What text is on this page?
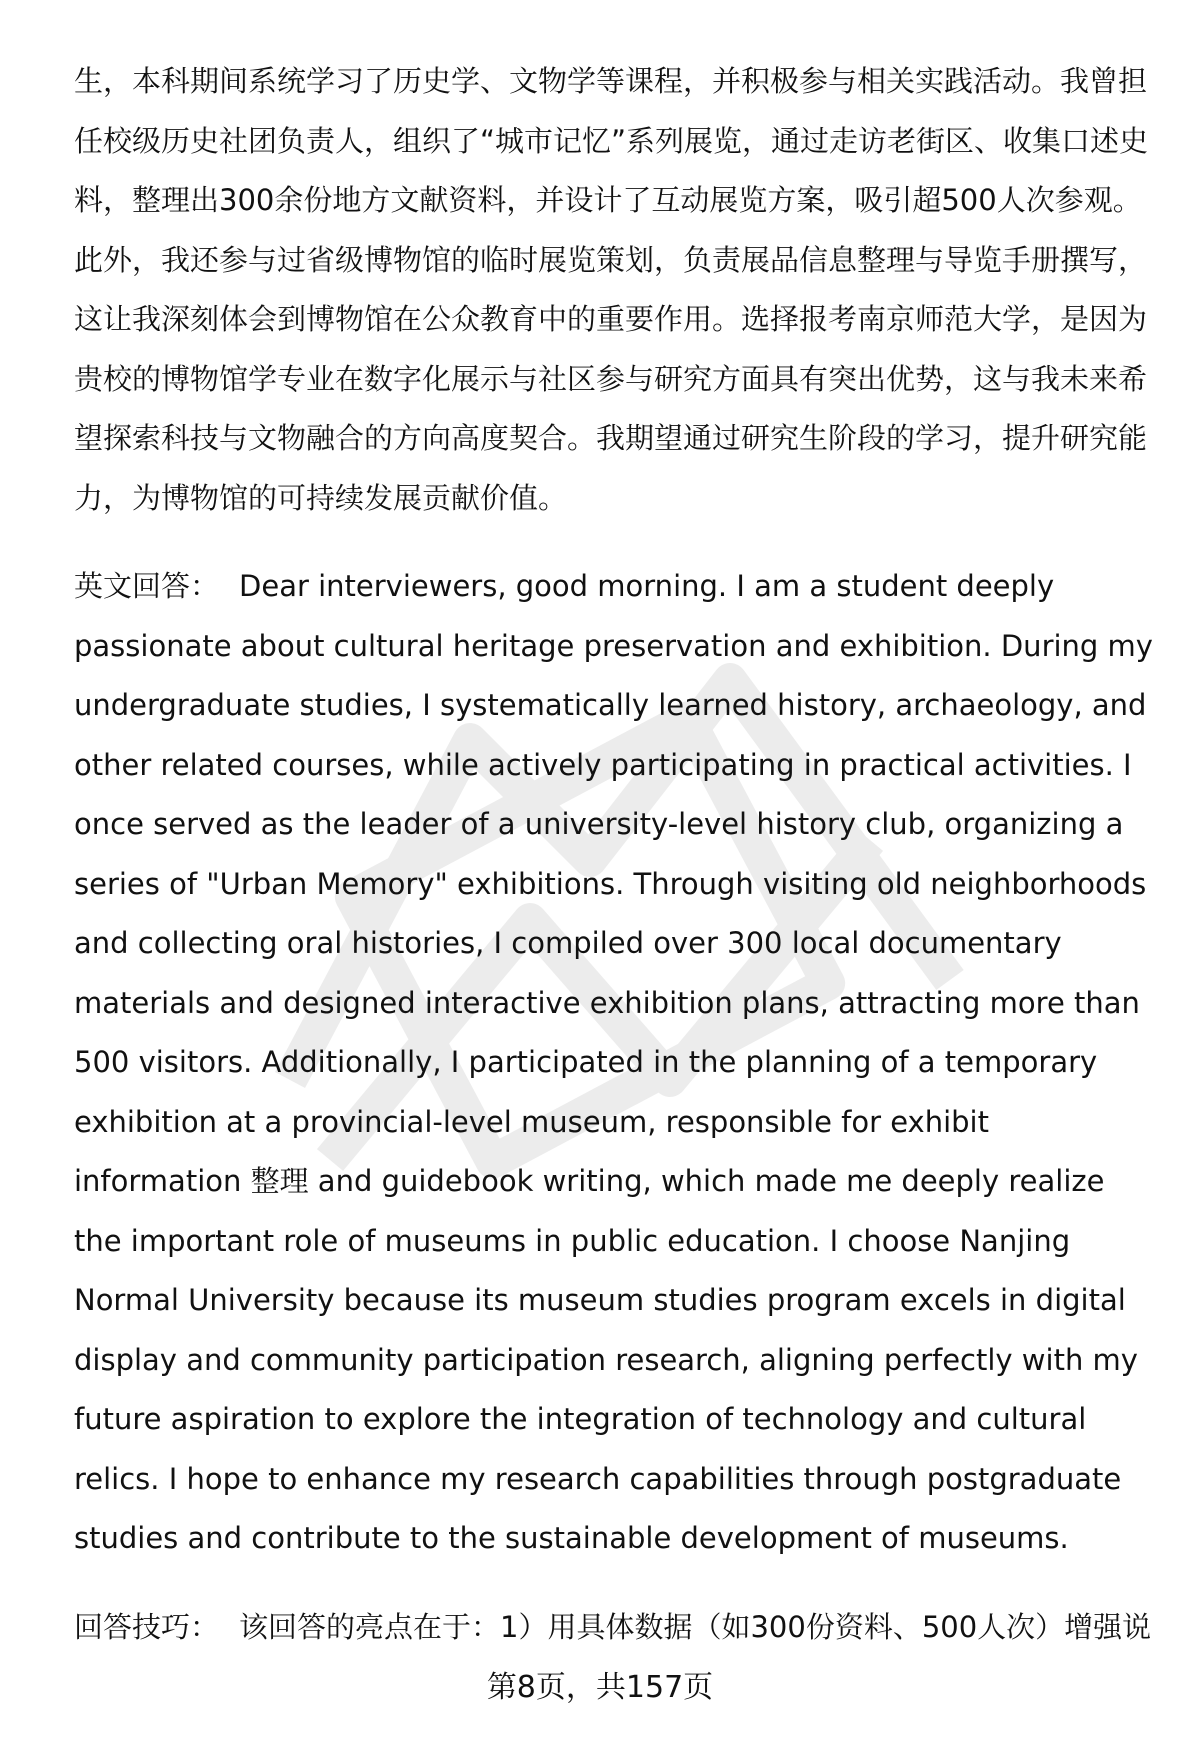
生，本科期间系统学习了历史学、文物学等课程，并积极参与相关实践活动。我曾担任校级历史社团负责人，组织了“城市记忆”系列展览，通过走访老街区、收集口述史料，整理出300余份地方文献资料，并设计了互动展览方案，吸引超500人次参观。此外，我还参与过省级博物馆的临时展览策划，负责展品信息整理与导览手册撰写，这让我深刻体会到博物馆在公众教育中的重要作用。选择报考南京师范大学，是因为贵校的博物馆学专业在数字化展示与社区参与研究方面具有突出优势，这与我未来希望探索科技与文物融合的方向高度契合。我期望通过研究生阶段的学习，提升研究能力，为博物馆的可持续发展贡献价值。

英文回答： Dear interviewers, good morning. I am a student deeply passionate about cultural heritage preservation and exhibition. During my undergraduate studies, I systematically learned history, archaeology, and other related courses, while actively participating in practical activities. I once served as the leader of a university-level history club, organizing a series of "Urban Memory" exhibitions. Through visiting old neighborhoods and collecting oral histories, I compiled over 300 local documentary materials and designed interactive exhibition plans, attracting more than 500 visitors. Additionally, I participated in the planning of a temporary exhibition at a provincial-level museum, responsible for exhibit information 整理 and guidebook writing, which made me deeply realize the important role of museums in public education. I choose Nanjing Normal University because its museum studies program excels in digital display and community participation research, aligning perfectly with my future aspiration to explore the integration of technology and cultural relics. I hope to enhance my research capabilities through postgraduate studies and contribute to the sustainable development of museums.

回答技巧： 该回答的亮点在于：1）用具体数据（如300份资料、500人次）增强说

第8页，共157页
